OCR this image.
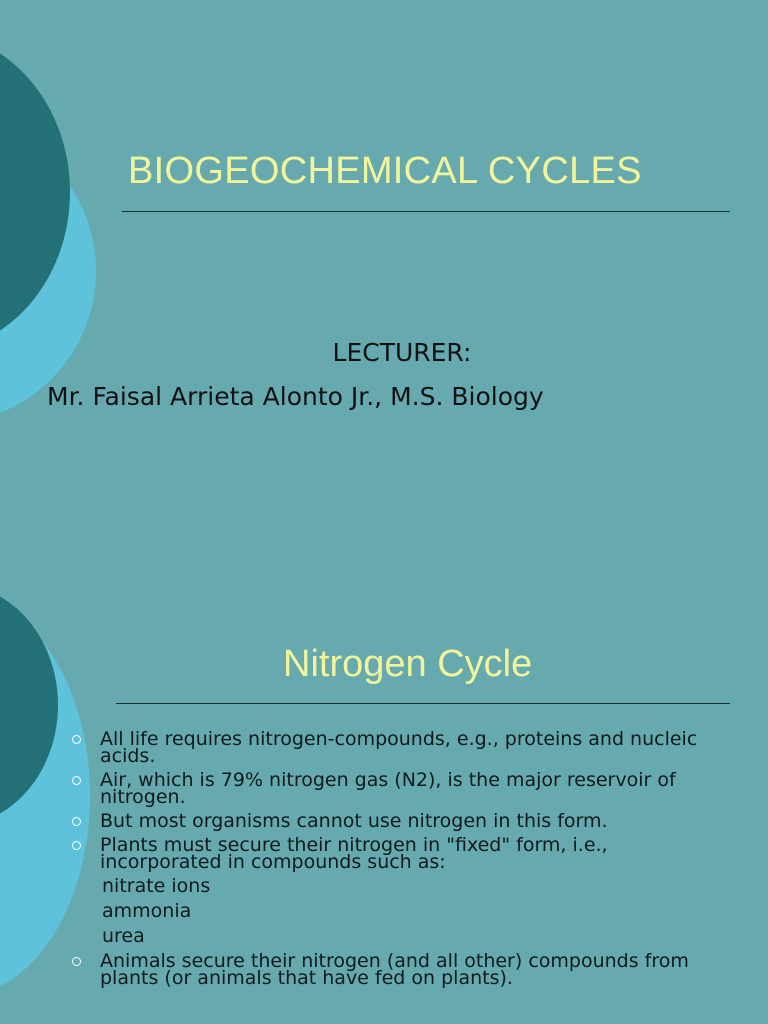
BIOGEOCHEMICAL CYCLES

LECTURER:

Mr. Faisal Arrieta Alonto Jr., M.S. Biology

Nitrogen Cycle
All life requires nitrogen-compounds, e.g., proteins and nucleic acids.
Air, which is 79% nitrogen gas (N2), is the major reservoir of nitrogen.
But most organisms cannot use nitrogen in this form.
Plants must secure their nitrogen in "fixed" form, i.e., incorporated in compounds such as:
nitrate ions
ammonia
urea
Animals secure their nitrogen (and all other) compounds from plants (or animals that have fed on plants).
